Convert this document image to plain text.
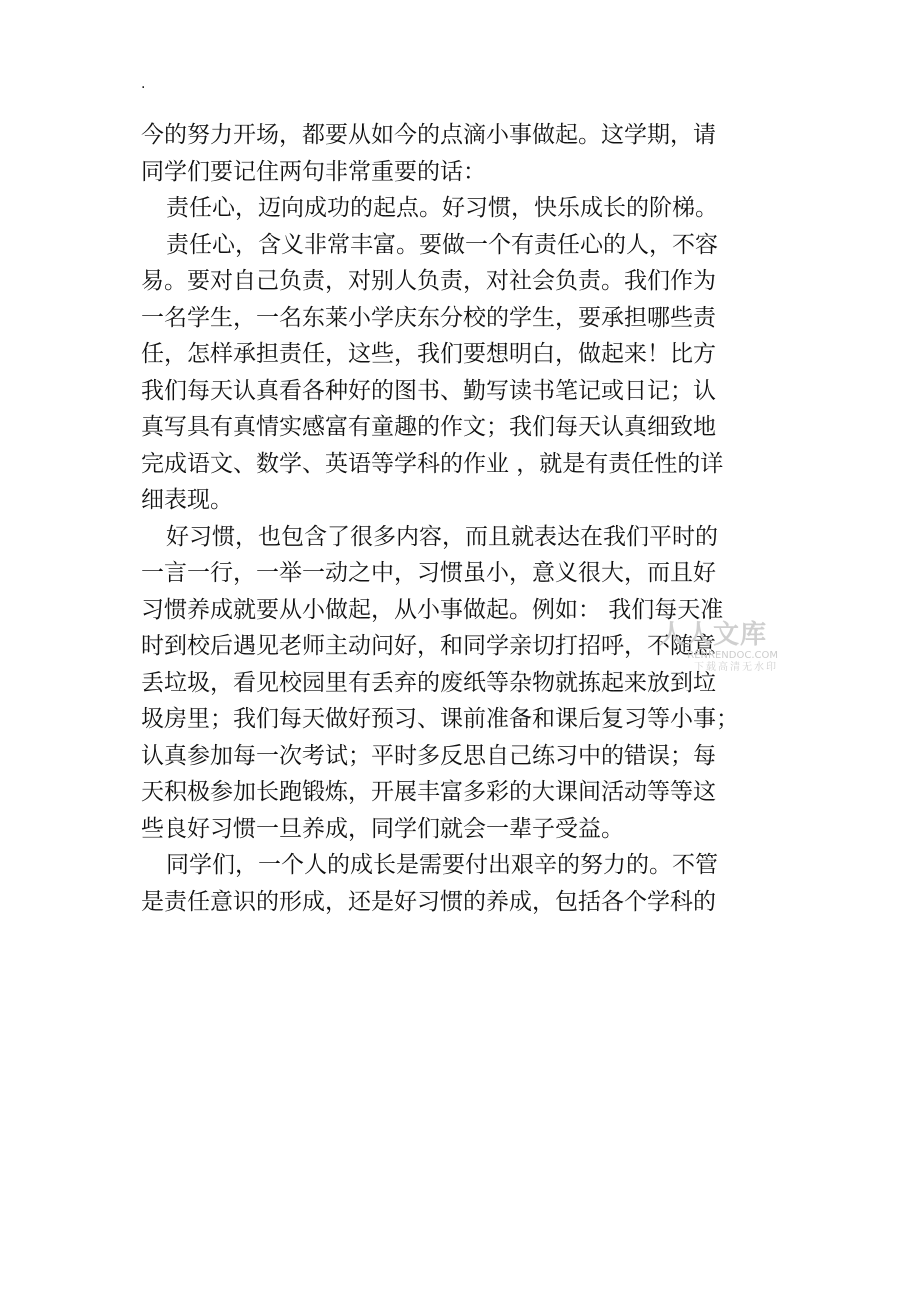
.
今的努力开场，都要从如今的点滴小事做起。这学期，请
同学们要记住两句非常重要的话：
责任心，迈向成功的起点。好习惯，快乐成长的阶梯。
责任心，含义非常丰富。要做一个有责任心的人，不容
易。要对自己负责，对别人负责，对社会负责。我们作为
一名学生，一名东莱小学庆东分校的学生，要承担哪些责
任，怎样承担责任，这些，我们要想明白，做起来！比方
我们每天认真看各种好的图书、勤写读书笔记或日记；认
真写具有真情实感富有童趣的作文；我们每天认真细致地
完成语文、数学、英语等学科的作业 ，就是有责任性的详
细表现。
好习惯，也包含了很多内容，而且就表达在我们平时的
一言一行，一举一动之中，习惯虽小，意义很大，而且好
习惯养成就要从小做起，从小事做起。例如： 我们每天准
时到校后遇见老师主动问好，和同学亲切打招呼，不随意
丢垃圾，看见校园里有丢弃的废纸等杂物就拣起来放到垃
圾房里；我们每天做好预习、课前准备和课后复习等小事；
认真参加每一次考试；平时多反思自己练习中的错误；每
天积极参加长跑锻炼，开展丰富多彩的大课间活动等等这
些良好习惯一旦养成，同学们就会一辈子受益。
同学们，一个人的成长是需要付出艰辛的努力的。不管
是责任意识的形成，还是好习惯的养成，包括各个学科的
人人文库
RENRENDOC.COM
下载高清无水印
